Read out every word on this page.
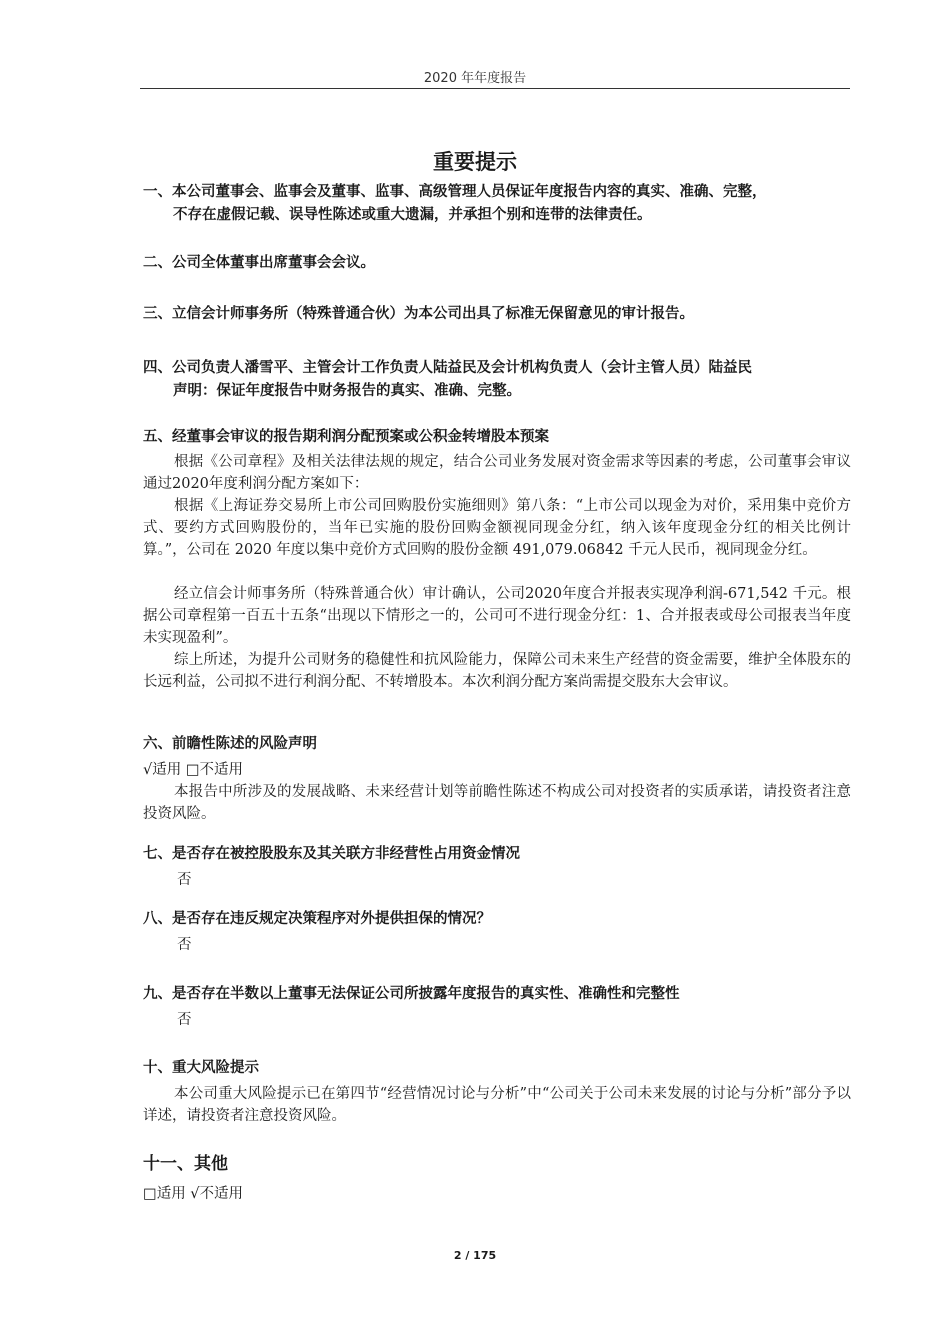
2020 年年度报告
重要提示
一、本公司董事会、监事会及董事、监事、高级管理人员保证年度报告内容的真实、准确、完整，
不存在虚假记载、误导性陈述或重大遗漏，并承担个别和连带的法律责任。
二、公司全体董事出席董事会会议。
三、立信会计师事务所（特殊普通合伙）为本公司出具了标准无保留意见的审计报告。
四、公司负责人潘雪平、主管会计工作负责人陆益民及会计机构负责人（会计主管人员）陆益民
声明：保证年度报告中财务报告的真实、准确、完整。
五、经董事会审议的报告期利润分配预案或公积金转增股本预案
根据《公司章程》及相关法律法规的规定，结合公司业务发展对资金需求等因素的考虑，公司董事会审议通过2020年度利润分配方案如下：
根据《上海证券交易所上市公司回购股份实施细则》第八条：“上市公司以现金为对价，采用集中竞价方式、要约方式回购股份的，当年已实施的股份回购金额视同现金分红，纳入该年度现金分红的相关比例计算。”，公司在 2020 年度以集中竞价方式回购的股份金额 491,079.06842 千元人民币，视同现金分红。
经立信会计师事务所（特殊普通合伙）审计确认，公司2020年度合并报表实现净利润-671,542 千元。根据公司章程第一百五十五条“出现以下情形之一的，公司可不进行现金分红：1、合并报表或母公司报表当年度未实现盈利”。
综上所述，为提升公司财务的稳健性和抗风险能力，保障公司未来生产经营的资金需要，维护全体股东的长远利益，公司拟不进行利润分配、不转增股本。本次利润分配方案尚需提交股东大会审议。
六、前瞻性陈述的风险声明
√适用 □不适用
本报告中所涉及的发展战略、未来经营计划等前瞻性陈述不构成公司对投资者的实质承诺，请投资者注意投资风险。
七、是否存在被控股股东及其关联方非经营性占用资金情况
否
八、是否存在违反规定决策程序对外提供担保的情况？
否
九、是否存在半数以上董事无法保证公司所披露年度报告的真实性、准确性和完整性
否
十、重大风险提示
本公司重大风险提示已在第四节“经营情况讨论与分析”中“公司关于公司未来发展的讨论与分析”部分予以详述，请投资者注意投资风险。
十一、其他
□适用 √不适用
2 / 175
